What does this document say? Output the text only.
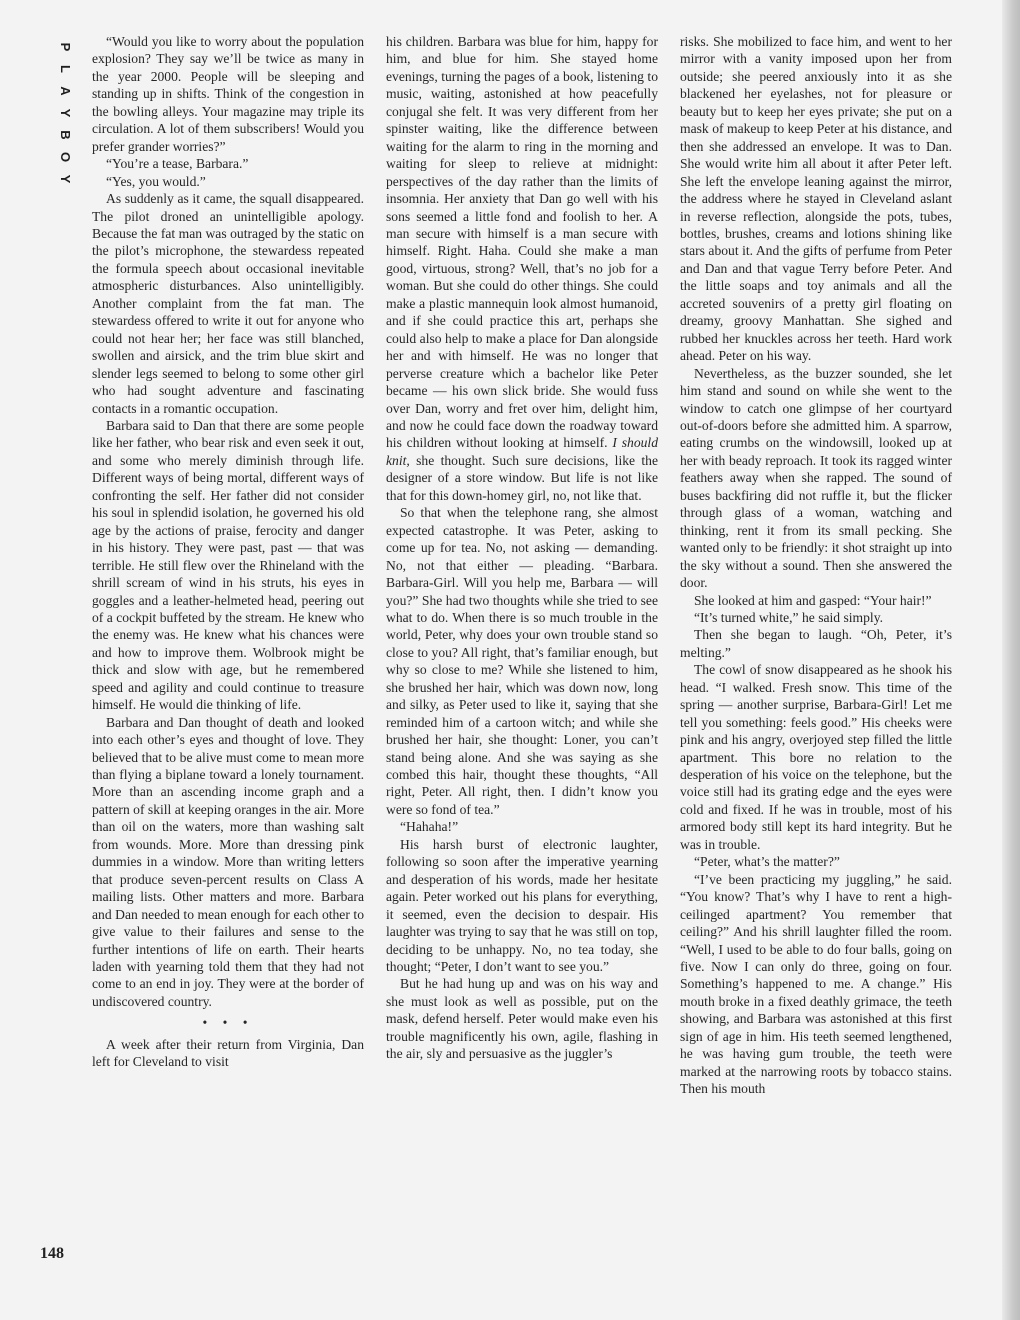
P
L
A
Y
B
O
Y

“Would you like to worry about the population explosion? They say we’ll be twice as many in the year 2000. People will be sleeping and standing up in shifts. Think of the congestion in the bowling alleys. Your magazine may triple its circulation. A lot of them subscribers! Would you prefer grander worries?”

“You’re a tease, Barbara.”

“Yes, you would.”

As suddenly as it came, the squall disappeared. The pilot droned an unintelligible apology. Because the fat man was outraged by the static on the pilot’s microphone, the stewardess repeated the formula speech about occasional inevitable atmospheric disturbances. Also unintelligibly. Another complaint from the fat man. The stewardess offered to write it out for anyone who could not hear her; her face was still blanched, swollen and airsick, and the trim blue skirt and slender legs seemed to belong to some other girl who had sought adventure and fascinating contacts in a romantic occupation.

Barbara said to Dan that there are some people like her father, who bear risk and even seek it out, and some who merely diminish through life. Different ways of being mortal, different ways of confronting the self. Her father did not consider his soul in splendid isolation, he governed his old age by the actions of praise, ferocity and danger in his history. They were past, past — that was terrible. He still flew over the Rhineland with the shrill scream of wind in his struts, his eyes in goggles and a leather-helmeted head, peering out of a cockpit buffeted by the stream. He knew who the enemy was. He knew what his chances were and how to improve them. Wolbrook might be thick and slow with age, but he remembered speed and agility and could continue to treasure himself. He would die thinking of life.

Barbara and Dan thought of death and looked into each other’s eyes and thought of love. They believed that to be alive must come to mean more than flying a biplane toward a lonely tournament. More than an ascending income graph and a pattern of skill at keeping oranges in the air. More than oil on the waters, more than washing salt from wounds. More. More than dressing pink dummies in a window. More than writing letters that produce seven-percent results on Class A mailing lists. Other matters and more. Barbara and Dan needed to mean enough for each other to give value to their failures and sense to the further intentions of life on earth. Their hearts laden with yearning told them that they had not come to an end in joy. They were at the border of undiscovered country.

• • •

A week after their return from Virginia, Dan left for Cleveland to visit

his children. Barbara was blue for him, happy for him, and blue for him. She stayed home evenings, turning the pages of a book, listening to music, waiting, astonished at how peacefully conjugal she felt. It was very different from her spinster waiting, like the difference between waiting for the alarm to ring in the morning and waiting for sleep to relieve at midnight: perspectives of the day rather than the limits of insomnia. Her anxiety that Dan go well with his sons seemed a little fond and foolish to her. A man secure with himself is a man secure with himself. Right. Haha. Could she make a man good, virtuous, strong? Well, that’s no job for a woman. But she could do other things. She could make a plastic mannequin look almost humanoid, and if she could practice this art, perhaps she could also help to make a place for Dan alongside her and with himself. He was no longer that perverse creature which a bachelor like Peter became — his own slick bride. She would fuss over Dan, worry and fret over him, delight him, and now he could face down the roadway toward his children without looking at himself. I should knit, she thought. Such sure decisions, like the designer of a store window. But life is not like that for this down-homey girl, no, not like that.

So that when the telephone rang, she almost expected catastrophe. It was Peter, asking to come up for tea. No, not asking — demanding. No, not that either — pleading. “Barbara. Barbara-Girl. Will you help me, Barbara — will you?” She had two thoughts while she tried to see what to do. When there is so much trouble in the world, Peter, why does your own trouble stand so close to you? All right, that’s familiar enough, but why so close to me? While she listened to him, she brushed her hair, which was down now, long and silky, as Peter used to like it, saying that she reminded him of a cartoon witch; and while she brushed her hair, she thought: Loner, you can’t stand being alone. And she was saying as she combed this hair, thought these thoughts, “All right, Peter. All right, then. I didn’t know you were so fond of tea.”

“Hahaha!”

His harsh burst of electronic laughter, following so soon after the imperative yearning and desperation of his words, made her hesitate again. Peter worked out his plans for everything, it seemed, even the decision to despair. His laughter was trying to say that he was still on top, deciding to be unhappy. No, no tea today, she thought; “Peter, I don’t want to see you.”

But he had hung up and was on his way and she must look as well as possible, put on the mask, defend herself. Peter would make even his trouble magnificently his own, agile, flashing in the air, sly and persuasive as the juggler’s

risks. She mobilized to face him, and went to her mirror with a vanity imposed upon her from outside; she peered anxiously into it as she blackened her eyelashes, not for pleasure or beauty but to keep her eyes private; she put on a mask of makeup to keep Peter at his distance, and then she addressed an envelope. It was to Dan. She would write him all about it after Peter left. She left the envelope leaning against the mirror, the address where he stayed in Cleveland aslant in reverse reflection, alongside the pots, tubes, bottles, brushes, creams and lotions shining like stars about it. And the gifts of perfume from Peter and Dan and that vague Terry before Peter. And the little soaps and toy animals and all the accreted souvenirs of a pretty girl floating on dreamy, groovy Manhattan. She sighed and rubbed her knuckles across her teeth. Hard work ahead. Peter on his way.

Nevertheless, as the buzzer sounded, she let him stand and sound on while she went to the window to catch one glimpse of her courtyard out-of-doors before she admitted him. A sparrow, eating crumbs on the windowsill, looked up at her with beady reproach. It took its ragged winter feathers away when she rapped. The sound of buses backfiring did not ruffle it, but the flicker through glass of a woman, watching and thinking, rent it from its small pecking. She wanted only to be friendly: it shot straight up into the sky without a sound. Then she answered the door.

She looked at him and gasped: “Your hair!”

“It’s turned white,” he said simply.

Then she began to laugh. “Oh, Peter, it’s melting.”

The cowl of snow disappeared as he shook his head. “I walked. Fresh snow. This time of the spring — another surprise, Barbara-Girl! Let me tell you something: feels good.” His cheeks were pink and his angry, overjoyed step filled the little apartment. This bore no relation to the desperation of his voice on the telephone, but the voice still had its grating edge and the eyes were cold and fixed. If he was in trouble, most of his armored body still kept its hard integrity. But he was in trouble.

“Peter, what’s the matter?”

“I’ve been practicing my juggling,” he said. “You know? That’s why I have to rent a high-ceilinged apartment? You remember that ceiling?” And his shrill laughter filled the room. “Well, I used to be able to do four balls, going on five. Now I can only do three, going on four. Something’s happened to me. A change.” His mouth broke in a fixed deathly grimace, the teeth showing, and Barbara was astonished at this first sign of age in him. His teeth seemed lengthened, he was having gum trouble, the teeth were marked at the narrowing roots by tobacco stains. Then his mouth

148
